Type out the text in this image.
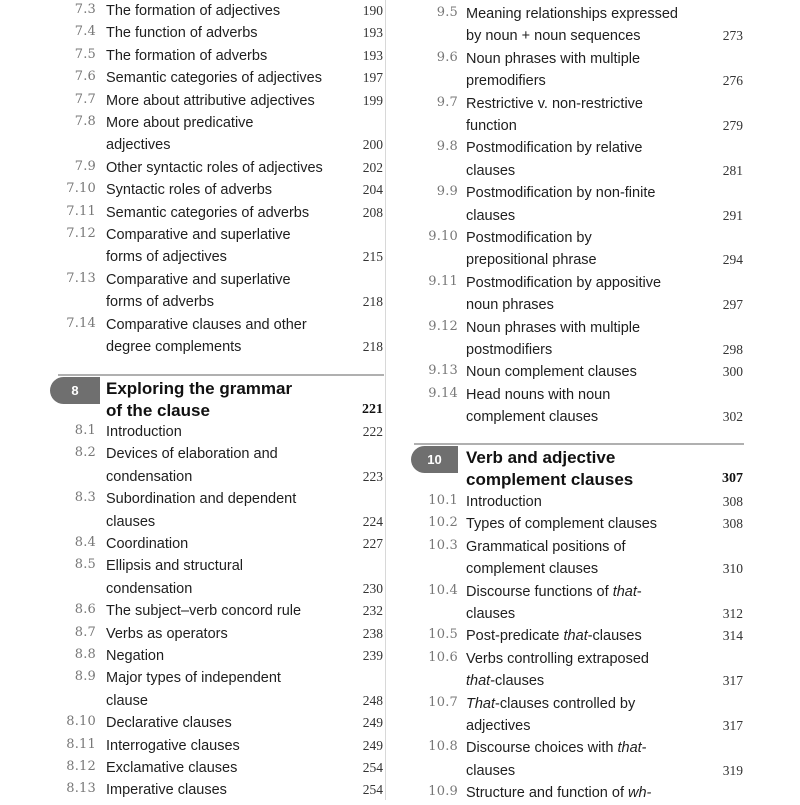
7.3 The formation of adjectives	190
7.4 The function of adverbs	193
7.5 The formation of adverbs	193
7.6 Semantic categories of adjectives	197
7.7 More about attributive adjectives	199
7.8 More about predicative
adjectives	200
7.9 Other syntactic roles of adjectives	202
7.10 Syntactic roles of adverbs	204
7.11 Semantic categories of adverbs	208
7.12 Comparative and superlative
forms of adjectives	215
7.13 Comparative and superlative
forms of adverbs	218
7.14 Comparative clauses and other
degree complements	218
8	Exploring the grammar
of the clause	221
8.1 Introduction	222
8.2 Devices of elaboration and
condensation	223
8.3 Subordination and dependent
clauses	224
8.4 Coordination	227
8.5 Ellipsis and structural
condensation	230
8.6 The subject–verb concord rule	232
8.7 Verbs as operators	238
8.8 Negation	239
8.9 Major types of independent
clause	248
8.10 Declarative clauses	249
8.11 Interrogative clauses	249
8.12 Exclamative clauses	254
8.13 Imperative clauses	254
9.5 Meaning relationships expressed
by noun + noun sequences	273
9.6 Noun phrases with multiple
premodifiers	276
9.7 Restrictive v. non-restrictive
function	279
9.8 Postmodification by relative
clauses	281
9.9 Postmodification by non-finite
clauses	291
9.10 Postmodification by
prepositional phrase	294
9.11 Postmodification by appositive
noun phrases	297
9.12 Noun phrases with multiple
postmodifiers	298
9.13 Noun complement clauses	300
9.14 Head nouns with noun
complement clauses	302
10	Verb and adjective
complement clauses	307
10.1 Introduction	308
10.2 Types of complement clauses	308
10.3 Grammatical positions of
complement clauses	310
10.4 Discourse functions of that-
clauses	312
10.5 Post-predicate that-clauses	314
10.6 Verbs controlling extraposed
that-clauses	317
10.7 That-clauses controlled by
adjectives	317
10.8 Discourse choices with that-
clauses	319
10.9 Structure and function of wh-
